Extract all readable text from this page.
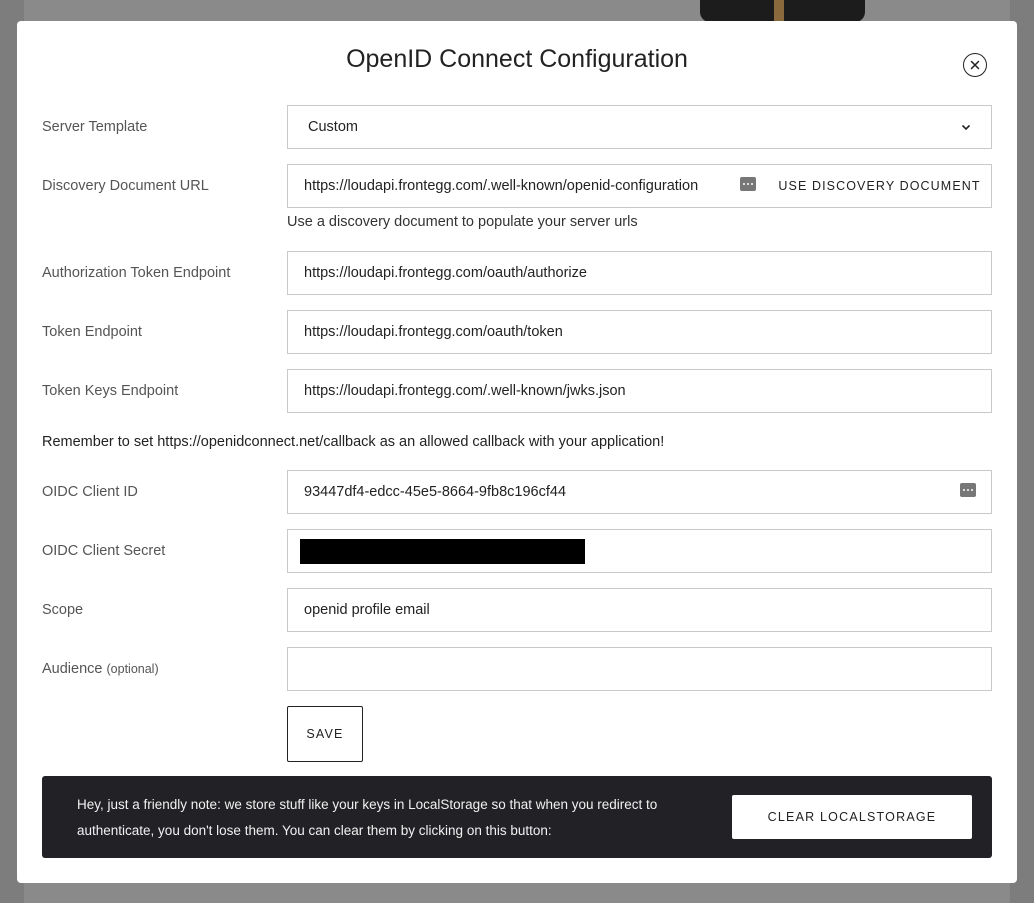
OpenID Connect Configuration
Server Template	Custom
Discovery Document URL	https://loudapi.frontegg.com/.well-known/openid-configuration	USE DISCOVERY DOCUMENT
Use a discovery document to populate your server urls
Authorization Token Endpoint	https://loudapi.frontegg.com/oauth/authorize
Token Endpoint	https://loudapi.frontegg.com/oauth/token
Token Keys Endpoint	https://loudapi.frontegg.com/.well-known/jwks.json
Remember to set https://openidconnect.net/callback as an allowed callback with your application!
OIDC Client ID	93447df4-edcc-45e5-8664-9fb8c196cf44
OIDC Client Secret
Scope	openid profile email
Audience (optional)
SAVE
Hey, just a friendly note: we store stuff like your keys in LocalStorage so that when you redirect to authenticate, you don't lose them. You can clear them by clicking on this button:
CLEAR LOCALSTORAGE
